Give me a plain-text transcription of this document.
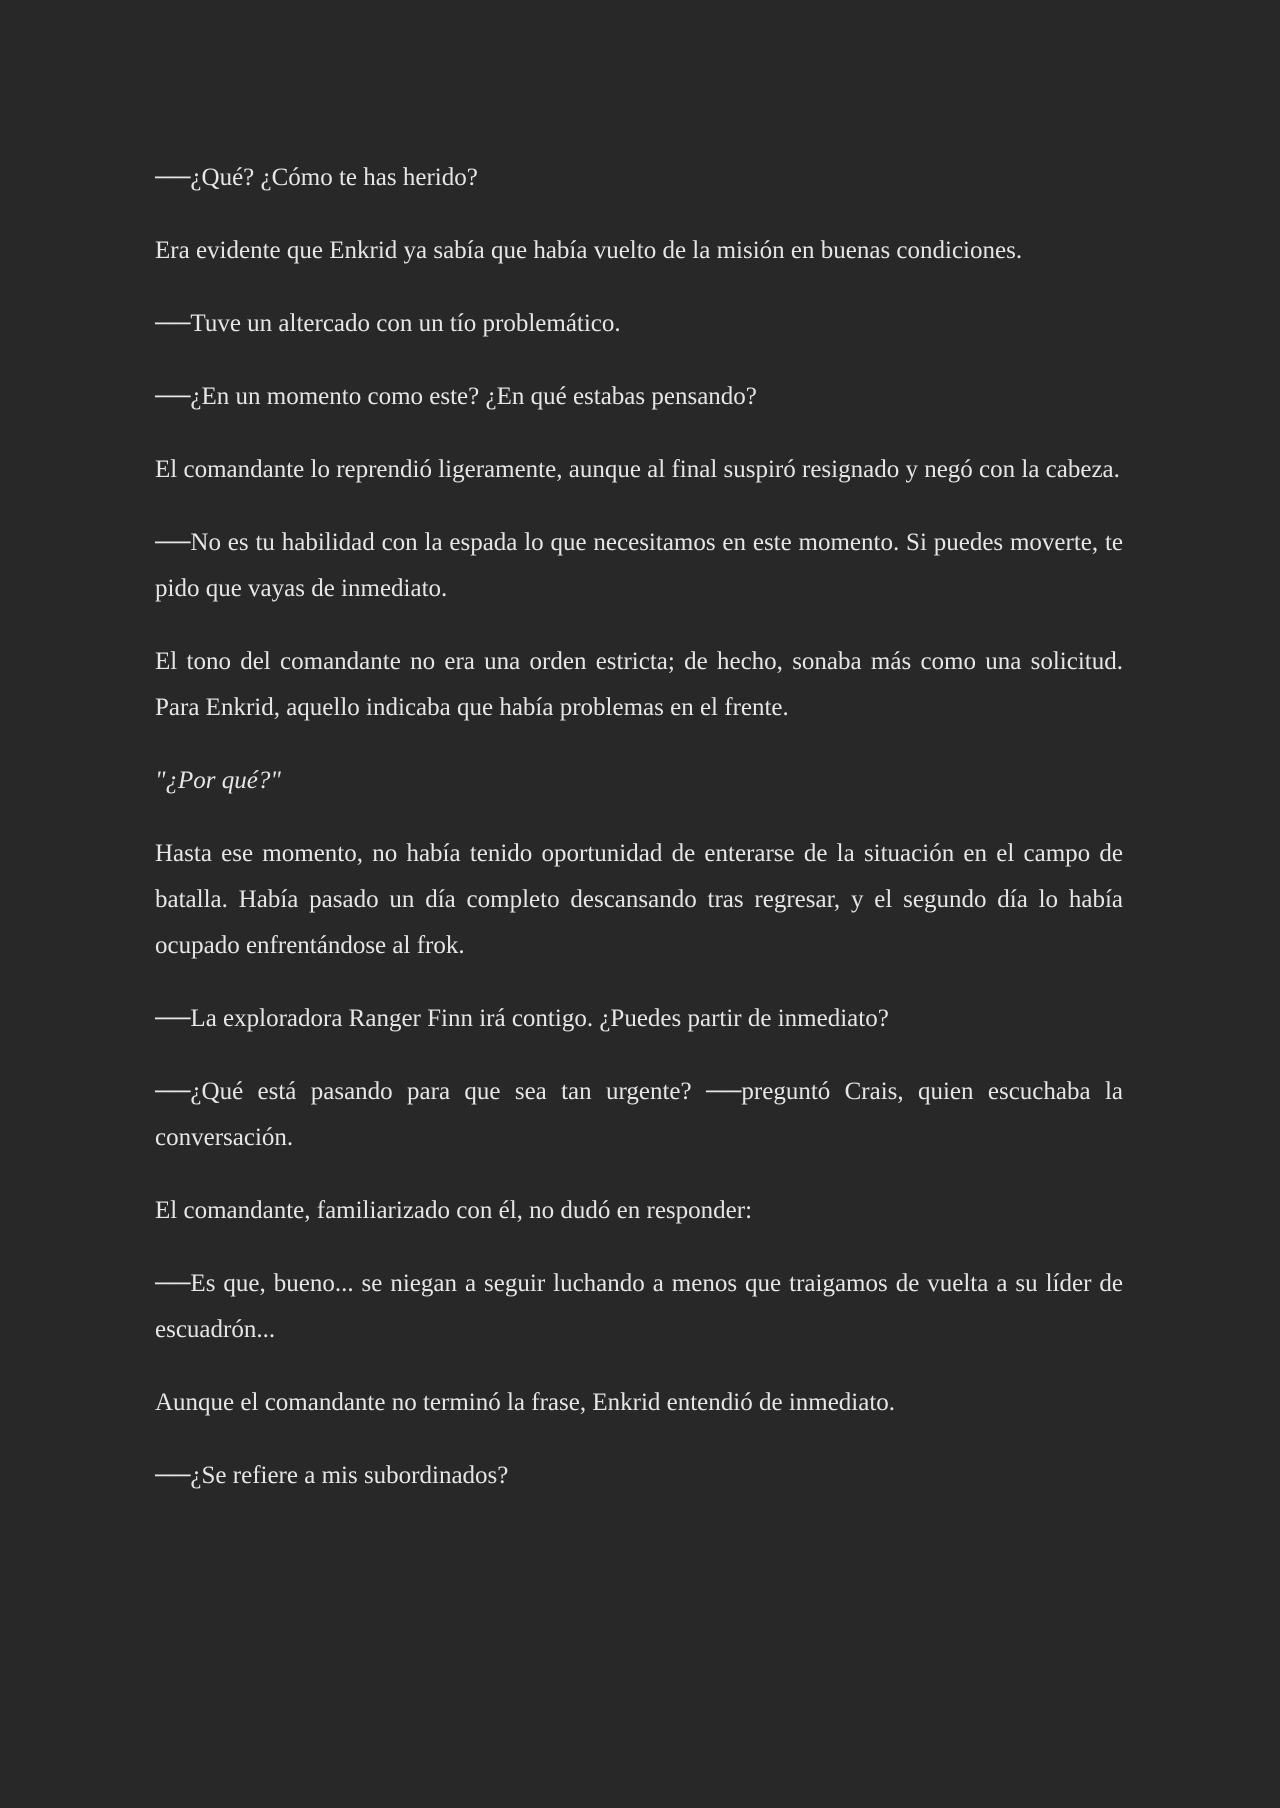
──¿Qué? ¿Cómo te has herido?

Era evidente que Enkrid ya sabía que había vuelto de la misión en buenas condiciones.

──Tuve un altercado con un tío problemático.

──¿En un momento como este? ¿En qué estabas pensando?

El comandante lo reprendió ligeramente, aunque al final suspiró resignado y negó con la cabeza.

──No es tu habilidad con la espada lo que necesitamos en este momento. Si puedes moverte, te pido que vayas de inmediato.

El tono del comandante no era una orden estricta; de hecho, sonaba más como una solicitud. Para Enkrid, aquello indicaba que había problemas en el frente.

"¿Por qué?"

Hasta ese momento, no había tenido oportunidad de enterarse de la situación en el campo de batalla. Había pasado un día completo descansando tras regresar, y el segundo día lo había ocupado enfrentándose al frok.

──La exploradora Ranger Finn irá contigo. ¿Puedes partir de inmediato?

──¿Qué está pasando para que sea tan urgente? ──preguntó Crais, quien escuchaba la conversación.

El comandante, familiarizado con él, no dudó en responder:

──Es que, bueno... se niegan a seguir luchando a menos que traigamos de vuelta a su líder de escuadrón...

Aunque el comandante no terminó la frase, Enkrid entendió de inmediato.

──¿Se refiere a mis subordinados?
